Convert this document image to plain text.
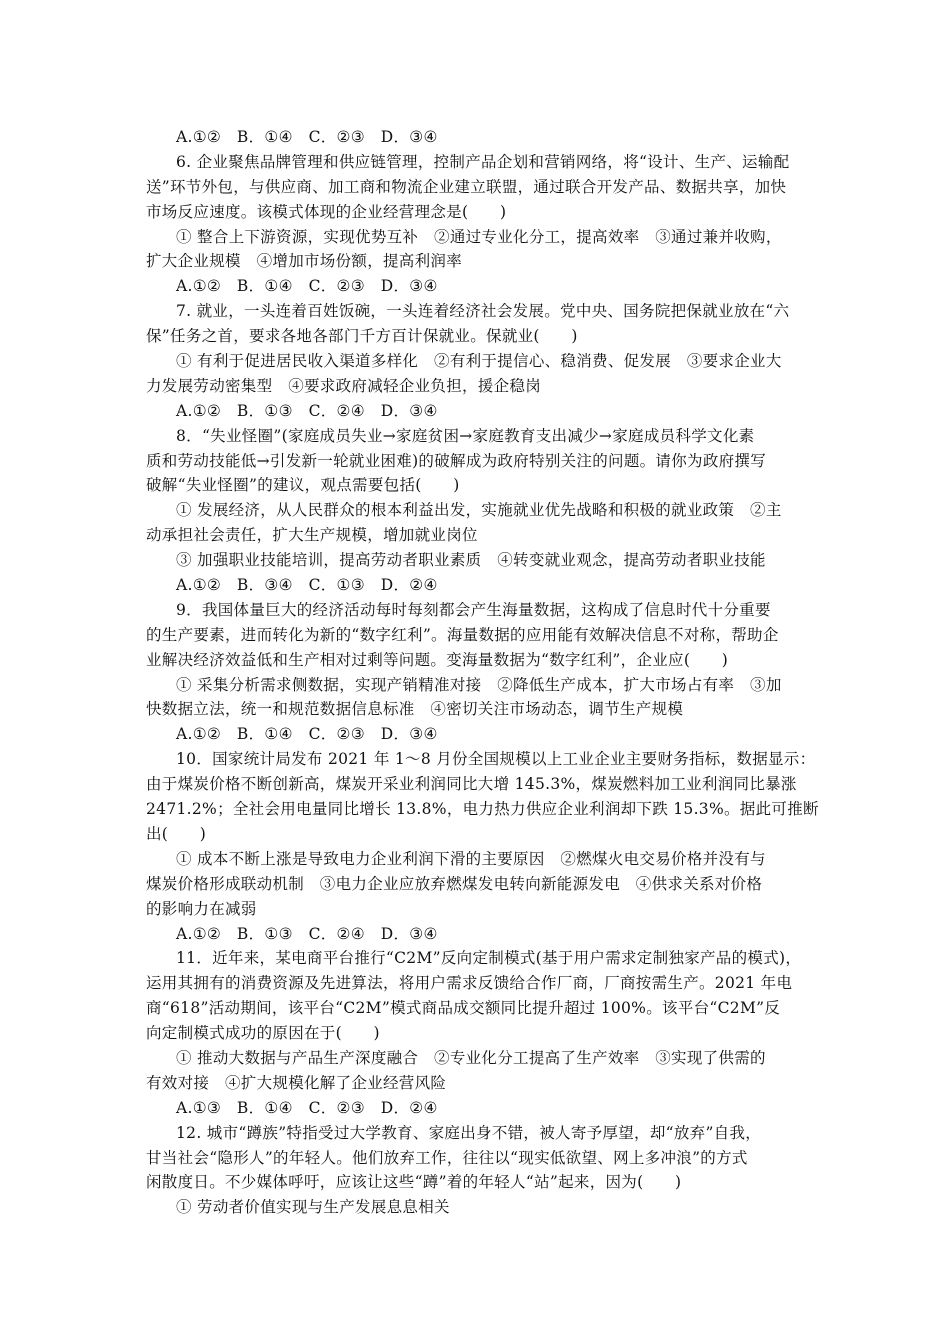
A.①②　B．①④　C．②③　D．③④
6. 企业聚焦品牌管理和供应链管理，控制产品企划和营销网络，将“设计、生产、运输配
送”环节外包，与供应商、加工商和物流企业建立联盟，通过联合开发产品、数据共享，加快
市场反应速度。该模式体现的企业经营理念是(　　)
① 整合上下游资源，实现优势互补　②通过专业化分工，提高效率　③通过兼并收购，
扩大企业规模　④增加市场份额，提高利润率
A.①②　B．①④　C．②③　D．③④
7. 就业，一头连着百姓饭碗，一头连着经济社会发展。党中央、国务院把保就业放在“六
保”任务之首，要求各地各部门千方百计保就业。保就业(　　)
① 有利于促进居民收入渠道多样化　②有利于提信心、稳消费、促发展　③要求企业大
力发展劳动密集型　④要求政府减轻企业负担，援企稳岗
A.①②　B．①③　C．②④　D．③④
8．“失业怪圈”(家庭成员失业→家庭贫困→家庭教育支出减少→家庭成员科学文化素
质和劳动技能低→引发新一轮就业困难)的破解成为政府特别关注的问题。请你为政府撰写
破解“失业怪圈”的建议，观点需要包括(　　)
① 发展经济，从人民群众的根本利益出发，实施就业优先战略和积极的就业政策　②主
动承担社会责任，扩大生产规模，增加就业岗位
③ 加强职业技能培训，提高劳动者职业素质　④转变就业观念，提高劳动者职业技能
A.①②　B．③④　C．①③　D．②④
9．我国体量巨大的经济活动每时每刻都会产生海量数据，这构成了信息时代十分重要
的生产要素，进而转化为新的“数字红利”。海量数据的应用能有效解决信息不对称，帮助企
业解决经济效益低和生产相对过剩等问题。变海量数据为“数字红利”，企业应(　　)
① 采集分析需求侧数据，实现产销精准对接　②降低生产成本，扩大市场占有率　③加
快数据立法，统一和规范数据信息标准　④密切关注市场动态，调节生产规模
A.①②　B．①④　C．②③　D．③④
10．国家统计局发布 2021 年 1～8 月份全国规模以上工业企业主要财务指标，数据显示：
由于煤炭价格不断创新高，煤炭开采业利润同比大增 145.3%，煤炭燃料加工业利润同比暴涨
2471.2%；全社会用电量同比增长 13.8%，电力热力供应企业利润却下跌 15.3%。据此可推断
出(　　)
① 成本不断上涨是导致电力企业利润下滑的主要原因　②燃煤火电交易价格并没有与
煤炭价格形成联动机制　③电力企业应放弃燃煤发电转向新能源发电　④供求关系对价格
的影响力在减弱
A.①②　B．①③　C．②④　D．③④
11．近年来，某电商平台推行“C2M”反向定制模式(基于用户需求定制独家产品的模式)，
运用其拥有的消费资源及先进算法，将用户需求反馈给合作厂商，厂商按需生产。2021 年电
商“618”活动期间，该平台“C2M”模式商品成交额同比提升超过 100%。该平台“C2M”反
向定制模式成功的原因在于(　　)
① 推动大数据与产品生产深度融合　②专业化分工提高了生产效率　③实现了供需的
有效对接　④扩大规模化解了企业经营风险
A.①③　B．①④　C．②③　D．②④
12. 城市“蹲族”特指受过大学教育、家庭出身不错，被人寄予厚望，却“放弃”自我，
甘当社会“隐形人”的年轻人。他们放弃工作，往往以“现实低欲望、网上多冲浪”的方式
闲散度日。不少媒体呼吁，应该让这些“蹲”着的年轻人“站”起来，因为(　　)
① 劳动者价值实现与生产发展息息相关
